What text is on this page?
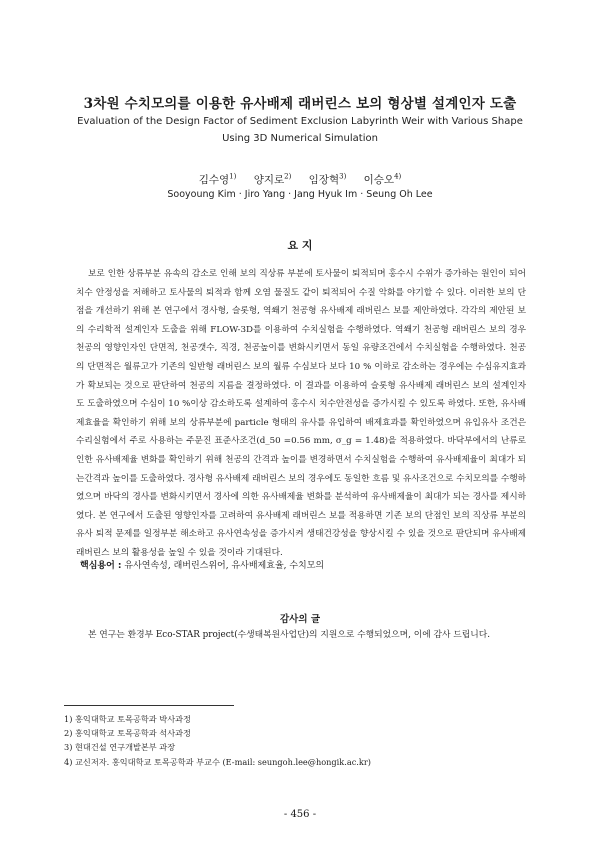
3차원 수치모의를 이용한 유사배제 래버린스 보의 형상별 설계인자 도출
Evaluation of the Design Factor of Sediment Exclusion Labyrinth Weir with Various Shape
Using 3D Numerical Simulation
김수영$^{1)}$ 양지로$^{2)}$ 임장혁$^{3)}$ 이승오$^{4)}$
Sooyoung Kim · Jiro Yang · Jang Hyuk Im · Seung Oh Lee
요 지

보로 인한 상류부분 유속의 감소로 인해 보의 직상류 부분에 토사물이 퇴적되며 홍수시 수위가 증가하는 원인이 되어 치수 안정성을 저해하고 토사물의 퇴적과 함께 오염 물질도 같이 퇴적되어 수질 악화를 야기할 수 있다. 이러한 보의 단점을 개선하기 위해 본 연구에서 경사형, 슬롯형, 역쐐기 천공형 유사배제 래버린스 보를 제안하였다. 각각의 제안된 보의 수리학적 설계인자 도출을 위해 FLOW-3D를 이용하여 수치실험을 수행하였다. 역쐐기 천공형 래버린스 보의 경우 천공의 영향인자인 단면적, 천공갯수, 직경, 천공높이를 변화시키면서 동일 유량조건에서 수치실험을 수행하였다. 천공의 단면적은 월류고가 기존의 일반형 래버린스 보의 월류 수심보다 보다 10 % 이하로 감소하는 경우에는 수심유지효과가 확보되는 것으로 판단하여 천공의 지름을 결정하였다. 이 결과를 이용하여 슬롯형 유사배제 래버린스 보의 설계인자도 도출하였으며 수심이 10 %이상 감소하도록 설계하여 홍수시 치수안전성을 증가시킬 수 있도록 하였다. 또한, 유사배제효율을 확인하기 위해 보의 상류부분에 particle 형태의 유사를 유입하여 배제효과를 확인하였으며 유입유사 조건은 수리실험에서 주로 사용하는 주문진 표준사조건(d_50 =0.56 mm, σ_g = 1.48)을 적용하였다. 바닥부에서의 난류로 인한 유사배제율 변화를 확인하기 위해 천공의 간격과 높이를 변경하면서 수치실험을 수행하여 유사배제율이 최대가 되는간격과 높이를 도출하였다. 경사형 유사배제 래버린스 보의 경우에도 동일한 흐름 및 유사조건으로 수치모의를 수행하였으며 바닥의 경사를 변화시키면서 경사에 의한 유사배제율 변화를 분석하여 유사배제율이 최대가 되는 경사를 제시하였다. 본 연구에서 도출된 영향인자를 고려하여 유사배제 래버린스 보를 적용하면 기존 보의 단점인 보의 직상류 부분의 유사 퇴적 문제를 일정부분 해소하고 유사연속성을 증가시켜 생태건강성을 향상시킬 수 있을 것으로 판단되며 유사배제 래버린스 보의 활용성을 높일 수 있을 것이라 기대된다.

핵심용어 : 유사연속성, 래버린스위어, 유사배제효율, 수치모의
감사의 글
본 연구는 환경부 Eco-STAR project(수생태복원사업단)의 지원으로 수행되었으며, 이에 감사 드립니다.
1) 홍익대학교 토목공학과 박사과정
2) 홍익대학교 토목공학과 석사과정
3) 현대건설 연구개발본부 과장
4) 교신저자. 홍익대학교 토목공학과 부교수 (E-mail: seungoh.lee@hongik.ac.kr)
- 456 -
